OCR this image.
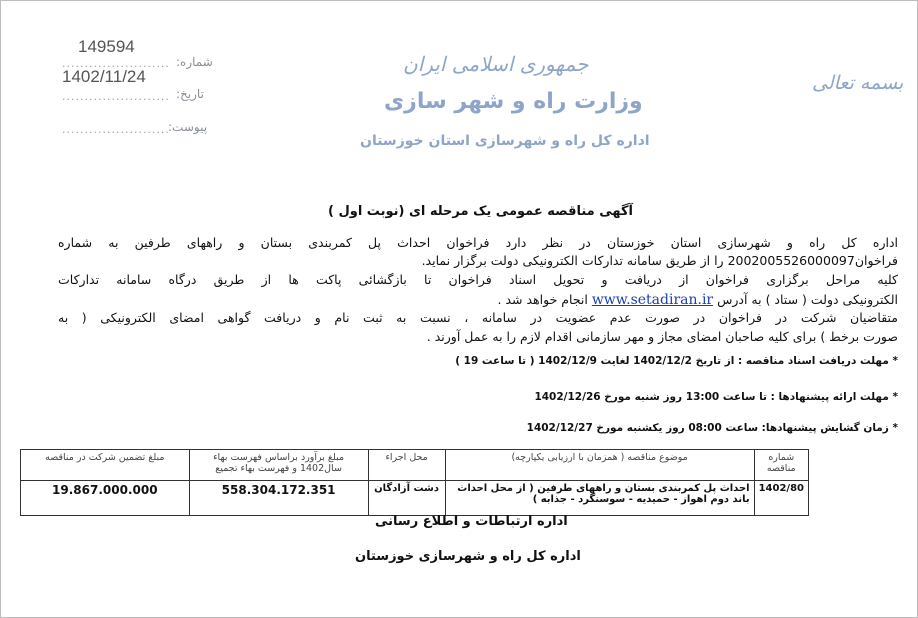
149594
شماره:
........................
1402/11/24
تاریخ:
........................
پیوست:
........................
بسمه تعالی
جمهوری اسلامی ایران
وزارت راه و شهر سازی
اداره کل راه و شهرسازی استان خوزستان
آگهی مناقصه عمومی یک مرحله ای (نوبت اول )
اداره کل راه و شهرسازی استان خوزستان در نظر دارد فراخوان احداث پل کمربندی بستان و راههای طرفین به شماره
فراخوان2002005526000097 را از طریق سامانه تدارکات الکترونیکی دولت برگزار نماید.
کلیه مراحل برگزاری فراخوان از دریافت و تحویل اسناد فراخوان تا بازگشائی پاکت ها از طریق درگاه سامانه تدارکات
الکترونیکی دولت ( ستاد ) به آدرس www.setadiran.ir انجام خواهد شد .
متقاضیان شرکت در فراخوان در صورت عدم عضویت در سامانه ، نسبت به ثبت نام و دریافت گواهی امضای الکترونیکی ( به
صورت برخط ) برای کلیه صاحبان امضای مجاز و مهر سازمانی اقدام لازم را به عمل آورند .
* مهلت دریافت اسناد مناقصه : از تاریخ 1402/12/2 لغایت 1402/12/9 ( تا ساعت 19 )
* مهلت ارائه پیشنهادها : تا ساعت 13:00 روز شنبه مورخ 1402/12/26
* زمان گشایش پیشنهادها: ساعت 08:00 روز یکشنبه مورخ 1402/12/27
شماره مناقصه	موضوع مناقصه ( همزمان با ارزیابی یکپارچه)	محل اجراء	مبلغ برآورد براساس فهرست بهاء سال1402 و فهرست بهاء تجمیع	مبلغ تضمین شرکت در مناقصه
1402/80	احداث پل کمربندی بستان و راههای طرفین ( از محل احداث باند دوم اهواز - حمیدیه - سوسنگرد - جذابه )	دشت آزادگان	558.304.172.351	19.867.000.000
اداره ارتباطات و اطلاع رسانی
اداره کل راه و شهرسازی خوزستان
